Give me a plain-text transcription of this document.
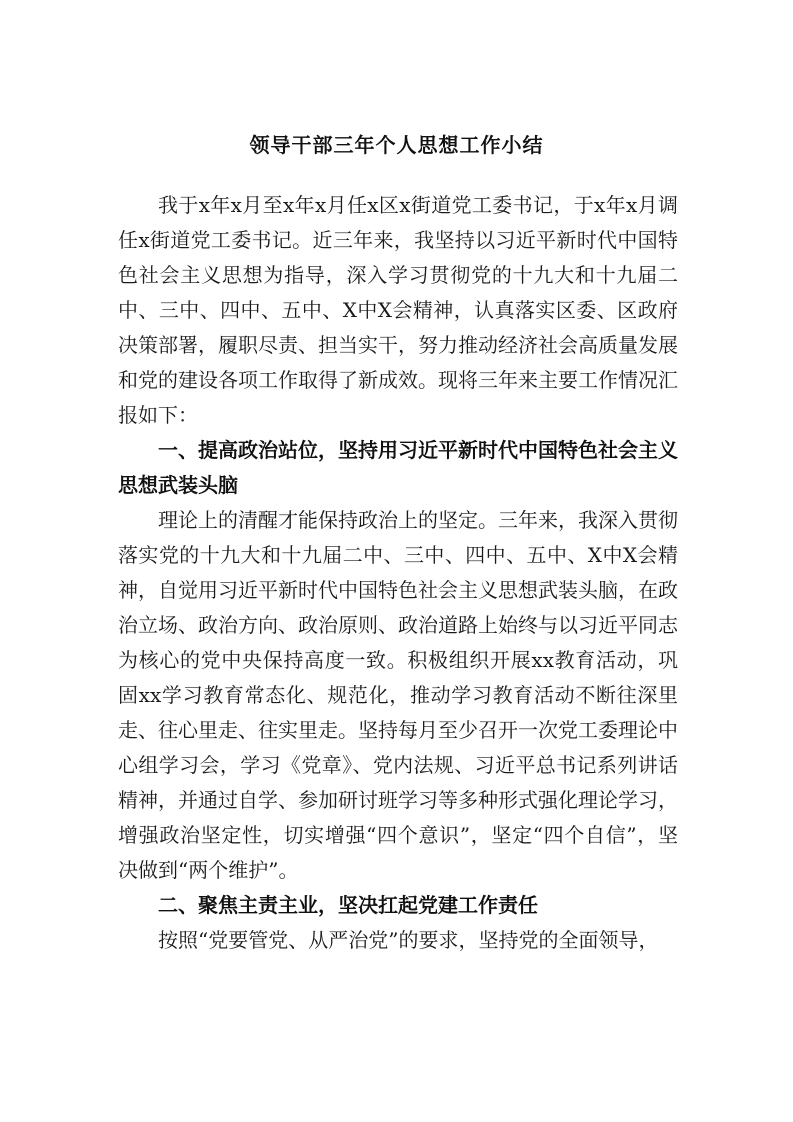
领导干部三年个人思想工作小结

我于x年x月至x年x月任x区x街道党工委书记，于x年x月调任x街道党工委书记。近三年来，我坚持以习近平新时代中国特色社会主义思想为指导，深入学习贯彻党的十九大和十九届二中、三中、四中、五中、X中X会精神，认真落实区委、区政府决策部署，履职尽责、担当实干，努力推动经济社会高质量发展和党的建设各项工作取得了新成效。现将三年来主要工作情况汇报如下：

一、提高政治站位，坚持用习近平新时代中国特色社会主义思想武装头脑

理论上的清醒才能保持政治上的坚定。三年来，我深入贯彻落实党的十九大和十九届二中、三中、四中、五中、X中X会精神，自觉用习近平新时代中国特色社会主义思想武装头脑，在政治立场、政治方向、政治原则、政治道路上始终与以习近平同志为核心的党中央保持高度一致。积极组织开展xx教育活动，巩固xx学习教育常态化、规范化，推动学习教育活动不断往深里走、往心里走、往实里走。坚持每月至少召开一次党工委理论中心组学习会，学习《党章》、党内法规、习近平总书记系列讲话精神，并通过自学、参加研讨班学习等多种形式强化理论学习，增强政治坚定性，切实增强“四个意识”，坚定“四个自信”，坚决做到“两个维护”。

二、聚焦主责主业，坚决扛起党建工作责任

按照“党要管党、从严治党”的要求，坚持党的全面领导，
